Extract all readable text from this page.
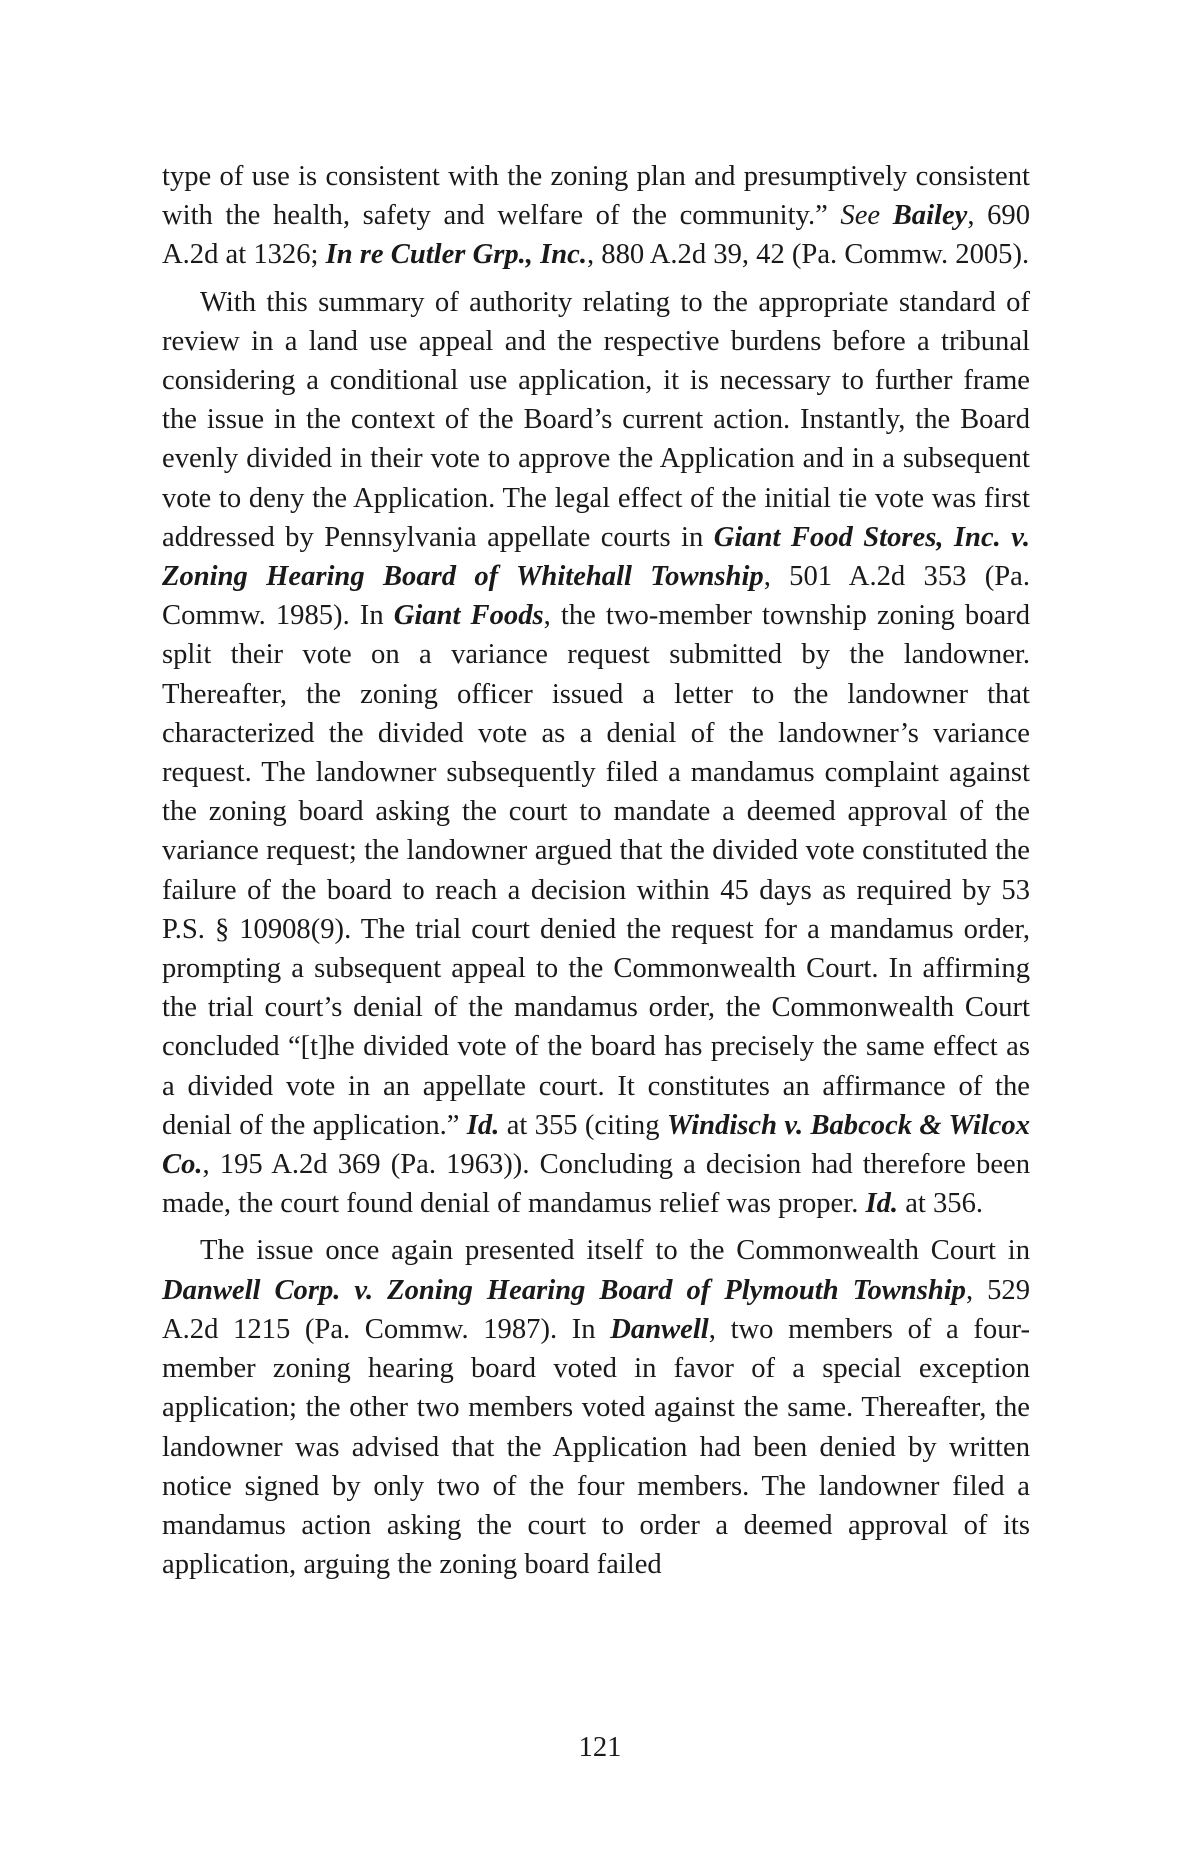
type of use is consistent with the zoning plan and presumptively consistent with the health, safety and welfare of the community.” See Bailey, 690 A.2d at 1326; In re Cutler Grp., Inc., 880 A.2d 39, 42 (Pa. Commw. 2005).

With this summary of authority relating to the appropriate standard of review in a land use appeal and the respective burdens before a tribunal considering a conditional use application, it is necessary to further frame the issue in the context of the Board’s current action. Instantly, the Board evenly divided in their vote to approve the Application and in a subsequent vote to deny the Application. The legal effect of the initial tie vote was first addressed by Pennsylvania appellate courts in Giant Food Stores, Inc. v. Zoning Hearing Board of Whitehall Township, 501 A.2d 353 (Pa. Commw. 1985). In Giant Foods, the two-member township zoning board split their vote on a variance request submitted by the landowner. Thereafter, the zoning officer issued a letter to the landowner that characterized the divided vote as a denial of the landowner’s variance request. The landowner subsequently filed a mandamus complaint against the zoning board asking the court to mandate a deemed approval of the variance request; the landowner argued that the divided vote constituted the failure of the board to reach a decision within 45 days as required by 53 P.S. § 10908(9). The trial court denied the request for a mandamus order, prompting a subsequent appeal to the Commonwealth Court. In affirming the trial court’s denial of the mandamus order, the Commonwealth Court concluded “[t]he divided vote of the board has precisely the same effect as a divided vote in an appellate court. It constitutes an affirmance of the denial of the application.” Id. at 355 (citing Windisch v. Babcock & Wilcox Co., 195 A.2d 369 (Pa. 1963)). Concluding a decision had therefore been made, the court found denial of mandamus relief was proper. Id. at 356.

The issue once again presented itself to the Commonwealth Court in Danwell Corp. v. Zoning Hearing Board of Plymouth Township, 529 A.2d 1215 (Pa. Commw. 1987). In Danwell, two members of a four-member zoning hearing board voted in favor of a special exception application; the other two members voted against the same. Thereafter, the landowner was advised that the Application had been denied by written notice signed by only two of the four members. The landowner filed a mandamus action asking the court to order a deemed approval of its application, arguing the zoning board failed

121
